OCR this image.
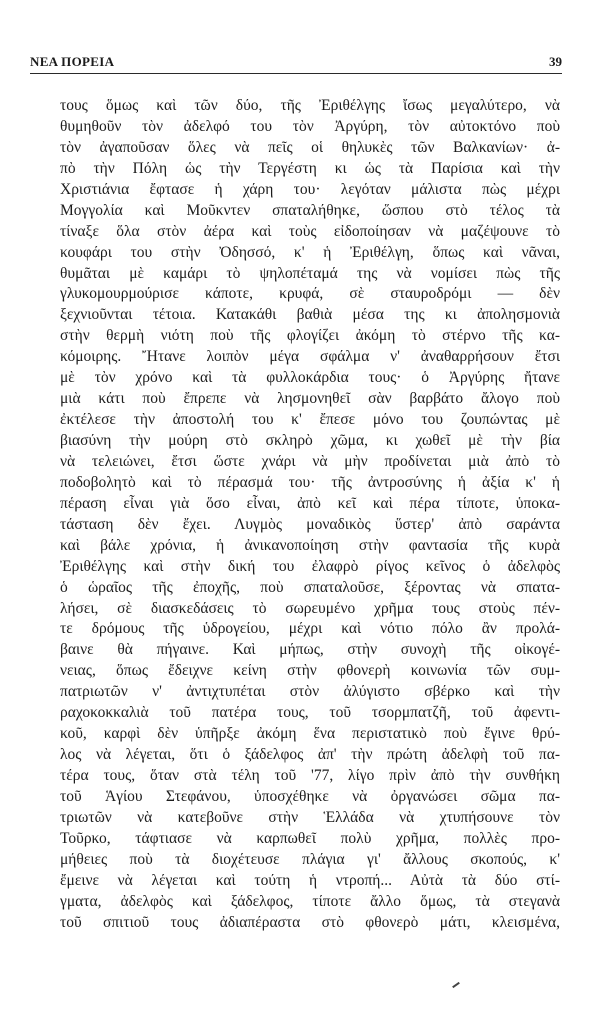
ΝΕΑ ΠΟΡΕΙΑ	39
τους ὅμως καὶ τῶν δύο, τῆς Ἐριθέλγης ἴσως μεγαλύτερο, νὰ
θυμηθοῦν τὸν ἀδελφό του τὸν Ἀργύρη, τὸν αὐτοκτόνο ποὺ
τὸν ἀγαποῦσαν ὅλες νὰ πεῖς οἱ θηλυκὲς τῶν Βαλκανίων· ἀ-
πὸ τὴν Πόλη ὡς τὴν Τεργέστη κι ὡς τὰ Παρίσια καὶ τὴν
Χριστιάνια ἔφτασε ἡ χάρη του· λεγόταν μάλιστα πὼς μέχρι
Μογγολία καὶ Μοῦκντεν σπαταλήθηκε, ὥσπου στὸ τέλος τὰ
τίναξε ὅλα στὸν ἀέρα καὶ τοὺς εἰδοποίησαν νὰ μαζέψουνε τὸ
κουφάρι του στὴν Ὀδησσό, κ' ἡ Ἐριθέλγη, ὅπως καὶ νᾶναι,
θυμᾶται μὲ καμάρι τὸ ψηλοπέταμά της νὰ νομίσει πὼς τῆς
γλυκομουρμούρισε κάποτε, κρυφά, σὲ σταυροδρόμι — δὲν
ξεχνιοῦνται τέτοια. Κατακάθι βαθιὰ μέσα της κι ἀπολησμονιὰ
στὴν θερμὴ νιότη ποὺ τῆς φλογίζει ἀκόμη τὸ στέρνο τῆς κα-
κόμοιρης. Ἤτανε λοιπὸν μέγα σφάλμα ν' ἀναθαρρήσουν ἔτσι
μὲ τὸν χρόνο καὶ τὰ φυλλοκάρδια τους· ὁ Ἀργύρης ἤτανε
μιὰ κάτι ποὺ ἔπρεπε νὰ λησμονηθεῖ σὰν βαρβάτο ἄλογο ποὺ
ἐκτέλεσε τὴν ἀποστολή του κ' ἔπεσε μόνο του ζουπώντας μὲ
βιασύνη τὴν μούρη στὸ σκληρὸ χῶμα, κι χωθεῖ μὲ τὴν βία
νὰ τελειώνει, ἔτσι ὥστε χνάρι νὰ μὴν προδίνεται μιὰ ἀπὸ τὸ
ποδοβολητὸ καὶ τὸ πέρασμά του· τῆς ἀντροσύνης ἡ ἀξία κ' ἡ
πέραση εἶναι γιὰ ὅσο εἶναι, ἀπὸ κεῖ καὶ πέρα τίποτε, ὑποκα-
τάσταση δὲν ἔχει. Λυγμὸς μοναδικὸς ὕστερ' ἀπὸ σαράντα
καὶ βάλε χρόνια, ἡ ἀνικανοποίηση στὴν φαντασία τῆς κυρὰ
Ἐριθέλγης καὶ στὴν δική του ἐλαφρὸ ρίγος κεῖνος ὁ ἀδελφὸς
ὁ ὡραῖος τῆς ἐποχῆς, ποὺ σπαταλοῦσε, ξέροντας νὰ σπατα-
λήσει, σὲ διασκεδάσεις τὸ σωρευμένο χρῆμα τους στοὺς πέν-
τε δρόμους τῆς ὑδρογείου, μέχρι καὶ νότιο πόλο ἂν προλά-
βαινε θὰ πήγαινε. Καὶ μήπως, στὴν συνοχὴ τῆς οἰκογέ-
νειας, ὅπως ἔδειχνε κείνη στὴν φθονερὴ κοινωνία τῶν συμ-
πατριωτῶν ν' ἀντιχτυπέται στὸν ἀλύγιστο σβέρκο καὶ τὴν
ραχοκοκκαλιὰ τοῦ πατέρα τους, τοῦ τσορμπατζῆ, τοῦ ἀφεντι-
κοῦ, καρφὶ δὲν ὑπῆρξε ἀκόμη ἕνα περιστατικὸ ποὺ ἔγινε θρύ-
λος νὰ λέγεται, ὅτι ὁ ξάδελφος ἀπ' τὴν πρώτη ἀδελφὴ τοῦ πα-
τέρα τους, ὅταν στὰ τέλη τοῦ '77, λίγο πρὶν ἀπὸ τὴν συνθήκη
τοῦ Ἁγίου Στεφάνου, ὑποσχέθηκε νὰ ὀργανώσει σῶμα πα-
τριωτῶν νὰ κατεβοῦνε στὴν Ἑλλάδα νὰ χτυπήσουνε τὸν
Τοῦρκο, τάφτιασε νὰ καρπωθεῖ πολὺ χρῆμα, πολλὲς προ-
μήθειες ποὺ τὰ διοχέτευσε πλάγια γι' ἄλλους σκοπούς, κ'
ἔμεινε νὰ λέγεται καὶ τούτη ἡ ντροπή... Αὐτὰ τὰ δύο στί-
γματα, ἀδελφὸς καὶ ξάδελφος, τίποτε ἄλλο ὅμως, τὰ στεγανὰ
τοῦ σπιτιοῦ τους ἀδιαπέραστα στὸ φθονερὸ μάτι, κλεισμένα,
